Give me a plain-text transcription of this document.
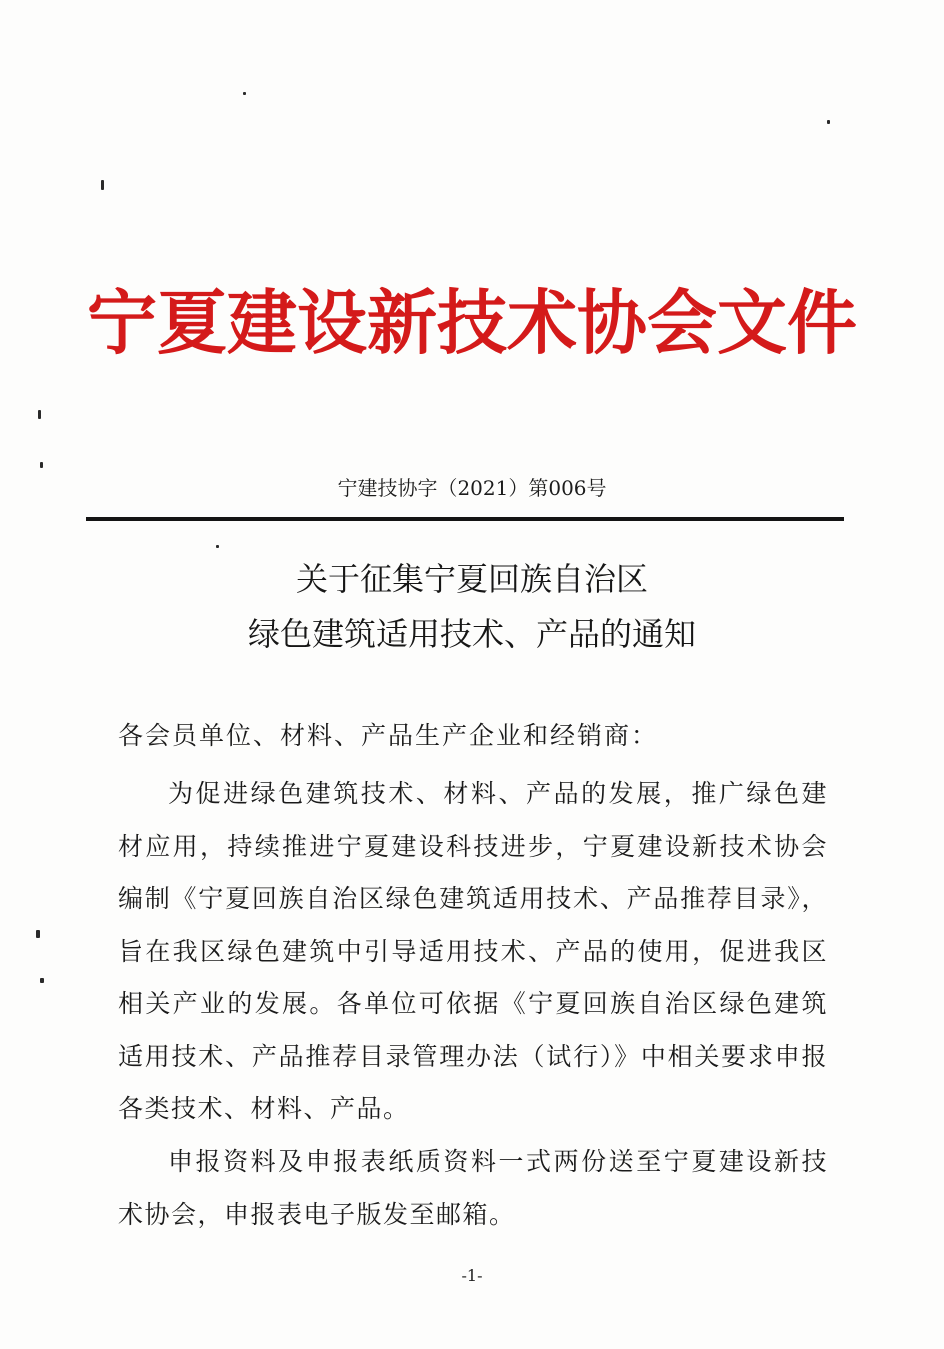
宁夏建设新技术协会文件
宁建技协字（2021）第006号
关于征集宁夏回族自治区
绿色建筑适用技术、产品的通知
各会员单位、材料、产品生产企业和经销商：

为促进绿色建筑技术、材料、产品的发展，推广绿色建材应用，持续推进宁夏建设科技进步，宁夏建设新技术协会编制《宁夏回族自治区绿色建筑适用技术、产品推荐目录》，旨在我区绿色建筑中引导适用技术、产品的使用，促进我区相关产业的发展。各单位可依据《宁夏回族自治区绿色建筑适用技术、产品推荐目录管理办法（试行）》中相关要求申报各类技术、材料、产品。

申报资料及申报表纸质资料一式两份送至宁夏建设新技术协会，申报表电子版发至邮箱。

-1-
